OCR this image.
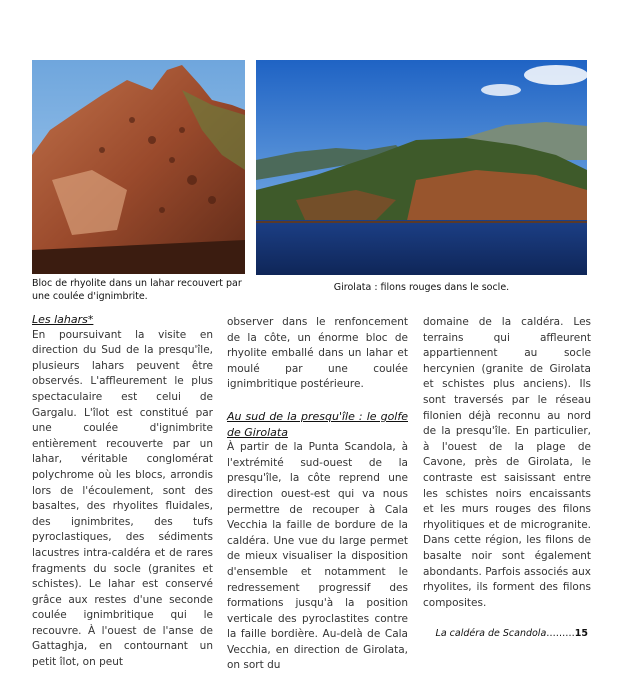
Bloc de rhyolite dans un lahar recouvert par une coulée d'ignimbrite.
Girolata : filons rouges dans le socle.

Les lahars*

En poursuivant la visite en direction du Sud de la presqu'île, plusieurs lahars peuvent être observés. L'affleurement le plus spectaculaire est celui de Gargalu. L'îlot est constitué par une coulée d'ignimbrite entièrement recouverte par un lahar, véritable conglomérat polychrome où les blocs, arrondis lors de l'écoulement, sont des basaltes, des rhyolites fluidales, des ignimbrites, des tufs pyroclastiques, des sédiments lacustres intra-caldéra et de rares fragments du socle (granites et schistes). Le lahar est conservé grâce aux restes d'une seconde coulée ignimbritique qui le recouvre. À l'ouest de l'anse de Gattaghja, en contournant un petit îlot, on peut

observer dans le renfoncement de la côte, un énorme bloc de rhyolite emballé dans un lahar et moulé par une coulée ignimbritique postérieure.

Au sud de la presqu'île : le golfe de Girolata

À partir de la Punta Scandola, à l'extrémité sud-ouest de la presqu'île, la côte reprend une direction ouest-est qui va nous permettre de recouper à Cala Vecchia la faille de bordure de la caldéra. Une vue du large permet de mieux visualiser la disposition d'ensemble et notamment le redressement progressif des formations jusqu'à la position verticale des pyroclastites contre la faille bordière. Au-delà de Cala Vecchia, en direction de Girolata, on sort du

domaine de la caldéra. Les terrains qui affleurent appartiennent au socle hercynien (granite de Girolata et schistes plus anciens). Ils sont traversés par le réseau filonien déjà reconnu au nord de la presqu'île. En particulier, à l'ouest de la plage de Cavone, près de Girolata, le contraste est saisissant entre les schistes noirs encaissants et les murs rouges des filons rhyolitiques et de microgranite. Dans cette région, les filons de basalte noir sont également abondants. Parfois associés aux rhyolites, ils forment des filons composites.

La caldéra de Scandola………15
